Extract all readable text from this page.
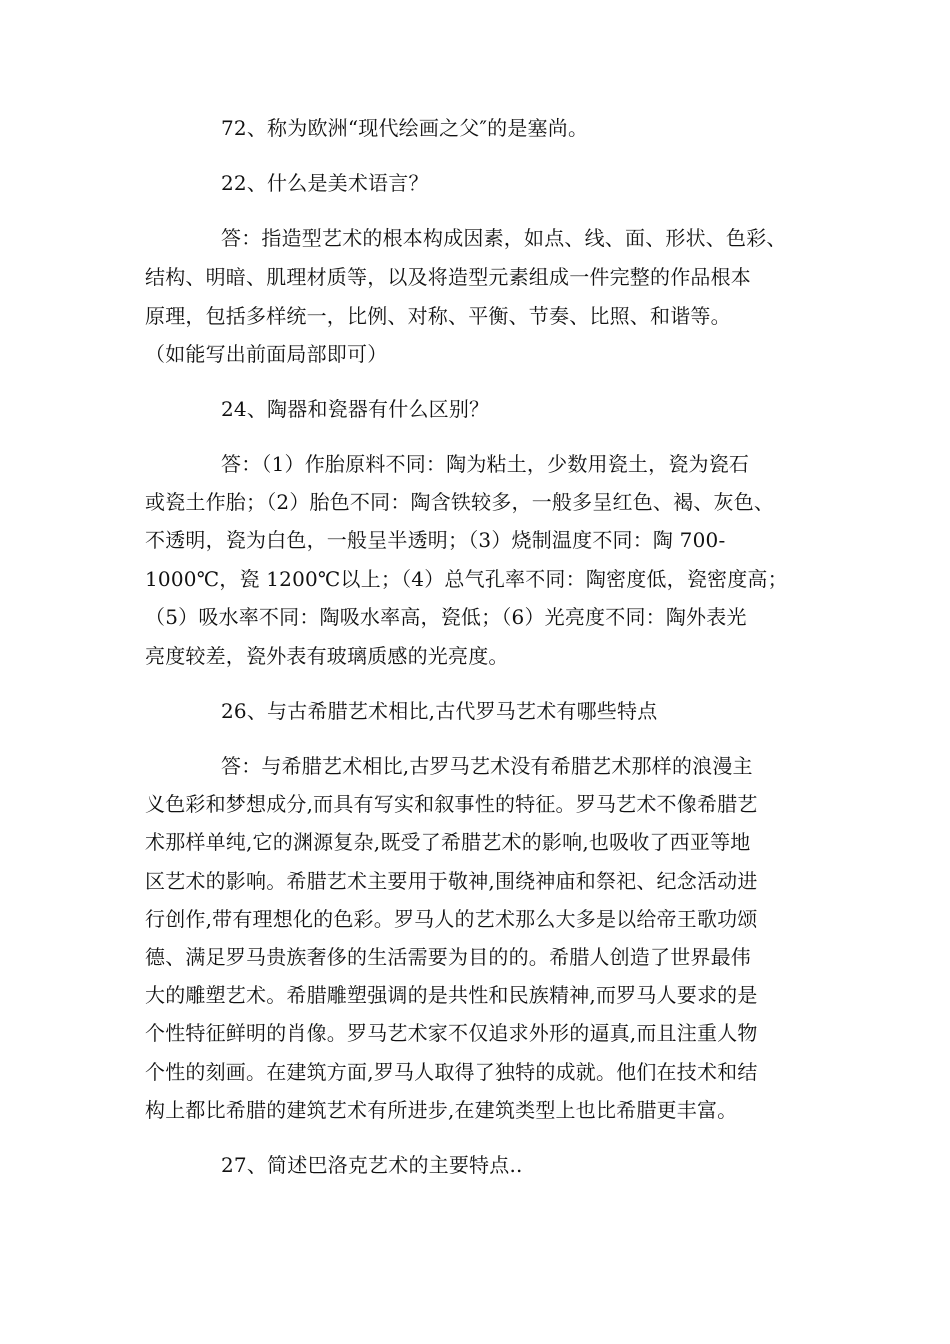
72、称为欧洲“现代绘画之父″的是塞尚。
22、什么是美术语言？
答：指造型艺术的根本构成因素，如点、线、面、形状、色彩、
结构、明暗、肌理材质等，以及将造型元素组成一件完整的作品根本
原理，包括多样统一，比例、对称、平衡、节奏、比照、和谐等。
（如能写出前面局部即可）
24、陶器和瓷器有什么区别？
答：（1）作胎原料不同：陶为粘土，少数用瓷土，瓷为瓷石
或瓷土作胎；（2）胎色不同：陶含铁较多，一般多呈红色、褐、灰色、
不透明，瓷为白色，一般呈半透明；（3）烧制温度不同：陶 700-
1000℃，瓷 1200℃以上；（4）总气孔率不同：陶密度低，瓷密度高；
（5）吸水率不同：陶吸水率高，瓷低；（6）光亮度不同：陶外表光
亮度较差，瓷外表有玻璃质感的光亮度。
26、与古希腊艺术相比,古代罗马艺术有哪些特点
答：与希腊艺术相比,古罗马艺术没有希腊艺术那样的浪漫主
义色彩和梦想成分,而具有写实和叙事性的特征。罗马艺术不像希腊艺
术那样单纯,它的渊源复杂,既受了希腊艺术的影响,也吸收了西亚等地
区艺术的影响。希腊艺术主要用于敬神,围绕神庙和祭祀、纪念活动进
行创作,带有理想化的色彩。罗马人的艺术那么大多是以给帝王歌功颂
德、满足罗马贵族奢侈的生活需要为目的的。希腊人创造了世界最伟
大的雕塑艺术。希腊雕塑强调的是共性和民族精神,而罗马人要求的是
个性特征鲜明的肖像。罗马艺术家不仅追求外形的逼真,而且注重人物
个性的刻画。在建筑方面,罗马人取得了独特的成就。他们在技术和结
构上都比希腊的建筑艺术有所进步,在建筑类型上也比希腊更丰富。
27、简述巴洛克艺术的主要特点..
